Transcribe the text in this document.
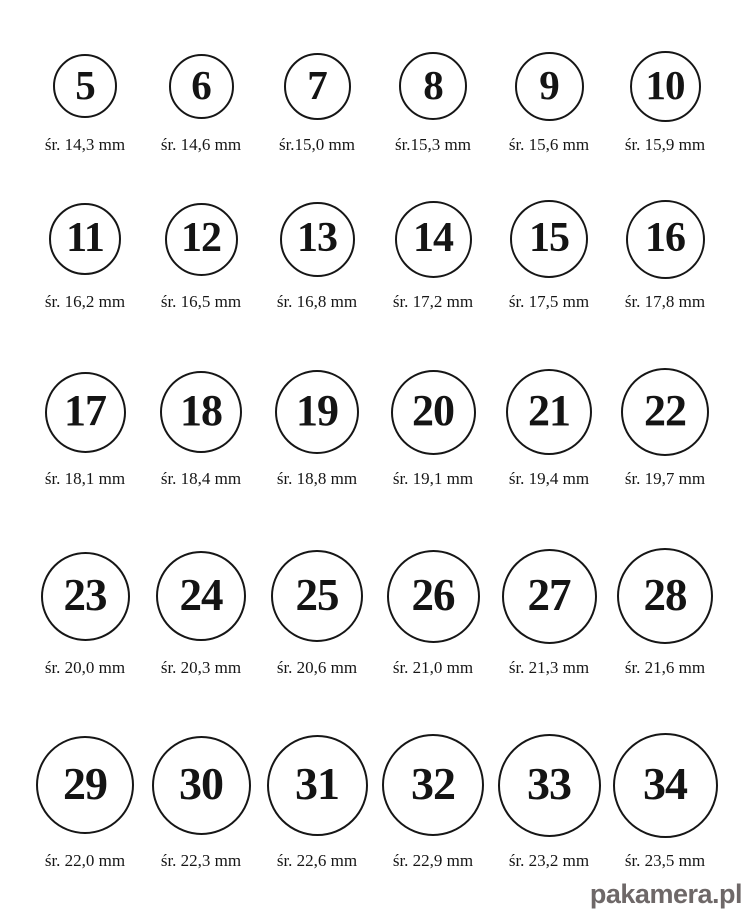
5
śr. 14,3 mm
6
śr. 14,6 mm
7
śr.15,0 mm
8
śr.15,3 mm
9
śr. 15,6 mm
10
śr. 15,9 mm
11
śr. 16,2 mm
12
śr. 16,5 mm
13
śr. 16,8 mm
14
śr. 17,2 mm
15
śr. 17,5 mm
16
śr. 17,8 mm
17
śr. 18,1 mm
18
śr. 18,4 mm
19
śr. 18,8 mm
20
śr. 19,1 mm
21
śr. 19,4 mm
22
śr. 19,7 mm
23
śr. 20,0 mm
24
śr. 20,3 mm
25
śr. 20,6 mm
26
śr. 21,0 mm
27
śr. 21,3 mm
28
śr. 21,6 mm
29
śr. 22,0 mm
30
śr. 22,3 mm
31
śr. 22,6 mm
32
śr. 22,9 mm
33
śr. 23,2 mm
34
śr. 23,5 mm
pakamera.pl
